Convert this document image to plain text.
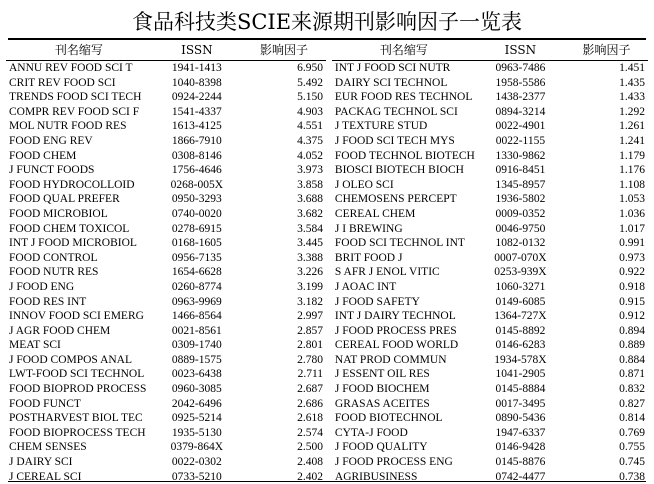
食品科技类SCIE来源期刊影响因子一览表
刊名缩写	ISSN	影响因子
ANNU REV FOOD SCI T	1941-1413	6.950
CRIT REV FOOD SCI	1040-8398	5.492
TRENDS FOOD SCI TECH	0924-2244	5.150
COMPR REV FOOD SCI F	1541-4337	4.903
MOL NUTR FOOD RES	1613-4125	4.551
FOOD ENG REV	1866-7910	4.375
FOOD CHEM	0308-8146	4.052
J FUNCT FOODS	1756-4646	3.973
FOOD HYDROCOLLOID	0268-005X	3.858
FOOD QUAL PREFER	0950-3293	3.688
FOOD MICROBIOL	0740-0020	3.682
FOOD CHEM TOXICOL	0278-6915	3.584
INT J FOOD MICROBIOL	0168-1605	3.445
FOOD CONTROL	0956-7135	3.388
FOOD NUTR RES	1654-6628	3.226
J FOOD ENG	0260-8774	3.199
FOOD RES INT	0963-9969	3.182
INNOV FOOD SCI EMERG	1466-8564	2.997
J AGR FOOD CHEM	0021-8561	2.857
MEAT SCI	0309-1740	2.801
J FOOD COMPOS ANAL	0889-1575	2.780
LWT-FOOD SCI TECHNOL	0023-6438	2.711
FOOD BIOPROD PROCESS	0960-3085	2.687
FOOD FUNCT	2042-6496	2.686
POSTHARVEST BIOL TEC	0925-5214	2.618
FOOD BIOPROCESS TECH	1935-5130	2.574
CHEM SENSES	0379-864X	2.500
J DAIRY SCI	0022-0302	2.408
J CEREAL SCI	0733-5210	2.402
刊名缩写	ISSN	影响因子
INT J FOOD SCI NUTR	0963-7486	1.451
DAIRY SCI TECHNOL	1958-5586	1.435
EUR FOOD RES TECHNOL	1438-2377	1.433
PACKAG TECHNOL SCI	0894-3214	1.292
J TEXTURE STUD	0022-4901	1.261
J FOOD SCI TECH MYS	0022-1155	1.241
FOOD TECHNOL BIOTECH	1330-9862	1.179
BIOSCI BIOTECH BIOCH	0916-8451	1.176
J OLEO SCI	1345-8957	1.108
CHEMOSENS PERCEPT	1936-5802	1.053
CEREAL CHEM	0009-0352	1.036
J I BREWING	0046-9750	1.017
FOOD SCI TECHNOL INT	1082-0132	0.991
BRIT FOOD J	0007-070X	0.973
S AFR J ENOL VITIC	0253-939X	0.922
J AOAC INT	1060-3271	0.918
J FOOD SAFETY	0149-6085	0.915
INT J DAIRY TECHNOL	1364-727X	0.912
J FOOD PROCESS PRES	0145-8892	0.894
CEREAL FOOD WORLD	0146-6283	0.889
NAT PROD COMMUN	1934-578X	0.884
J ESSENT OIL RES	1041-2905	0.871
J FOOD BIOCHEM	0145-8884	0.832
GRASAS ACEITES	0017-3495	0.827
FOOD BIOTECHNOL	0890-5436	0.814
CYTA-J FOOD	1947-6337	0.769
J FOOD QUALITY	0146-9428	0.755
J FOOD PROCESS ENG	0145-8876	0.745
AGRIBUSINESS	0742-4477	0.738
